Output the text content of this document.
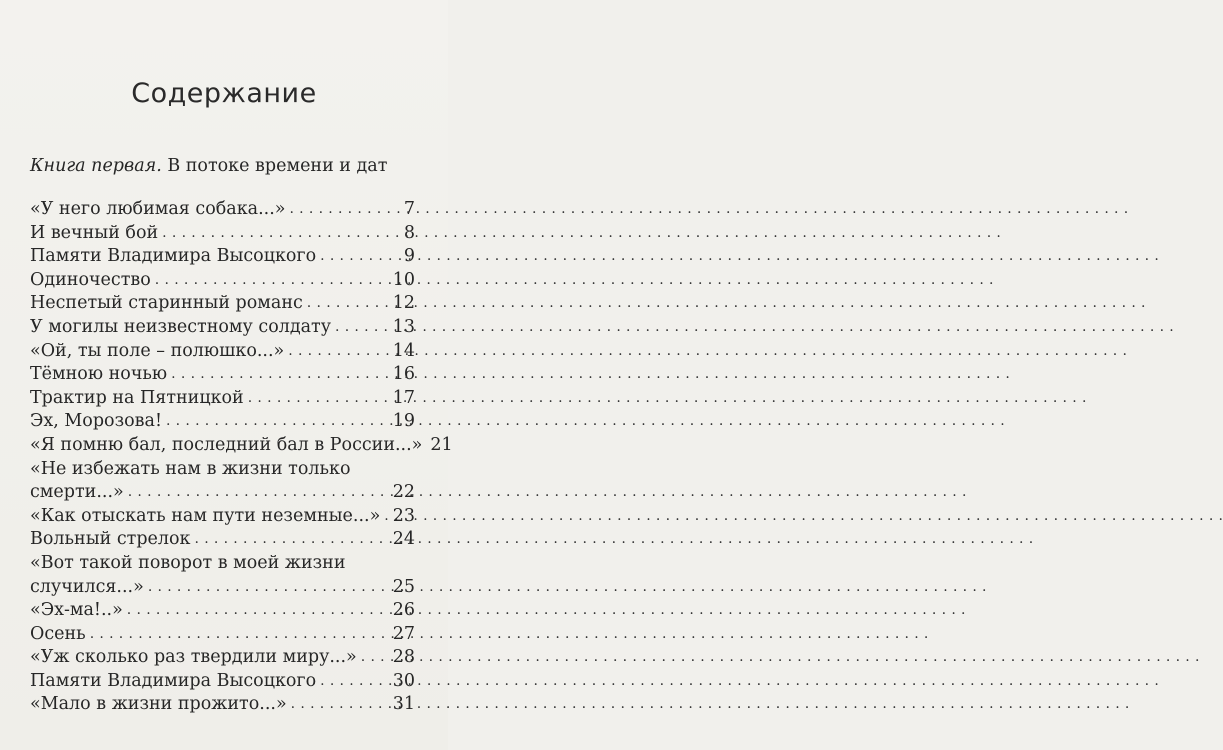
Содержание
Книга первая. В потоке времени и дат
«У него любимая собака...» . . .	7
И вечный бой . . .	8
Памяти Владимира Высоцкого . . .	9
Одиночество . . .	10
Неспетый старинный романс . . .	12
У могилы неизвестному солдату . . .	13
«Ой, ты поле – полюшко...» . . .	14
Тёмною ночью . . .	16
Трактир на Пятницкой . . .	17
Эх, Морозова! . . .	19
«Я помню бал, последний бал в России...» 21
«Не избежать нам в жизни только
смерти...» . . .	22
«Как отыскать нам пути неземные...» . . . 23
Вольный стрелок . . .	24
«Вот такой поворот в моей жизни
случился...» . . .	25
«Эх-ма!..» . . .	26
Осень . . .	27
«Уж сколько раз твердили миру...» . . . 28
Памяти Владимира Высоцкого . . .	30
«Мало в жизни прожито...» . . .	31
